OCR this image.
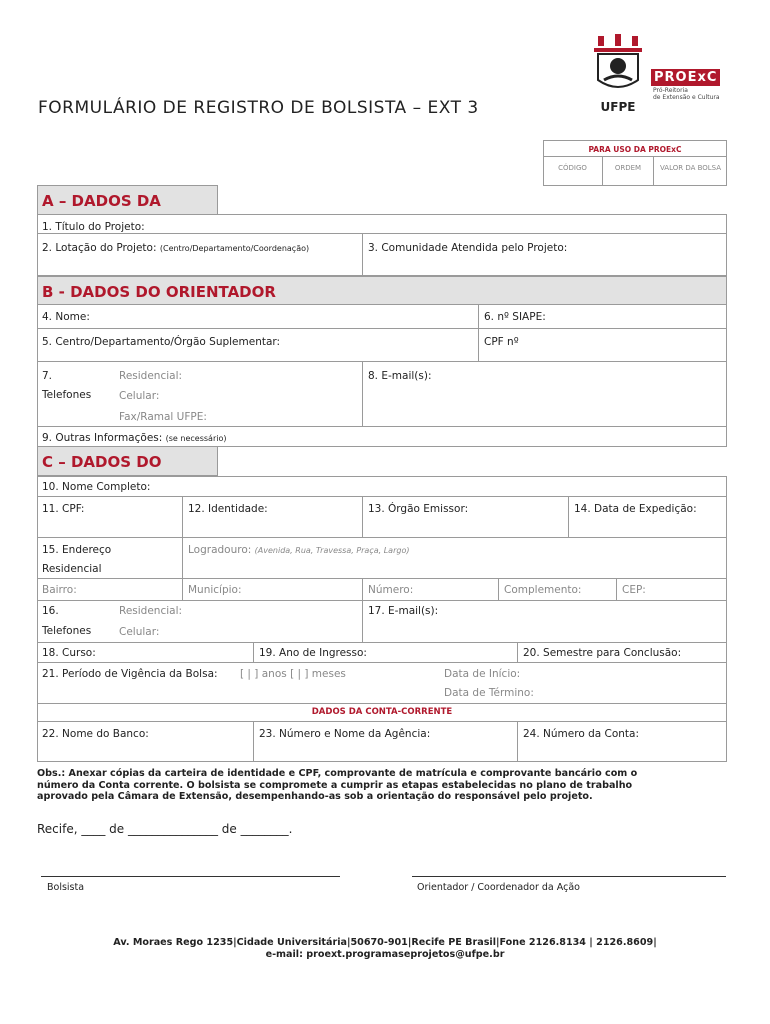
FORMULÁRIO DE REGISTRO DE BOLSISTA – EXT 3	UFPE
PROExC
Pró-Reitoria
de Extensão e Cultura
PARA USO DA PROExC
CÓDIGO	ORDEM	VALOR DA BOLSA
A – DADOS DA
1. Título do Projeto:
2. Lotação do Projeto: (Centro/Departamento/Coordenação)	3. Comunidade Atendida pelo Projeto:
B - DADOS DO ORIENTADOR
4. Nome:	6. nº SIAPE:
5. Centro/Departamento/Órgão Suplementar:	CPF nº
7.
Telefones
Residencial:
Celular:
Fax/Ramal UFPE:
8. E-mail(s):
9. Outras Informações: (se necessário)
C – DADOS DO
10. Nome Completo:
11. CPF:	12. Identidade:	13. Órgão Emissor:	14. Data de Expedição:
15. Endereço
Residencial
Logradouro: (Avenida, Rua, Travessa, Praça, Largo)
Bairro:	Município:	Número:	Complemento:	CEP:
16.
Telefones
Residencial:
Celular:
17. E-mail(s):
18. Curso:	19. Ano de Ingresso:	20. Semestre para Conclusão:
21. Período de Vigência da Bolsa: [ | ] anos [ | ] meses	Data de Início:
Data de Término:
DADOS DA CONTA-CORRENTE
22. Nome do Banco:	23. Número e Nome da Agência:	24. Número da Conta:
Obs.: Anexar cópias da carteira de identidade e CPF, comprovante de matrícula e comprovante bancário com o
número da Conta corrente. O bolsista se compromete a cumprir as etapas estabelecidas no plano de trabalho
aprovado pela Câmara de Extensão, desempenhando-as sob a orientação do responsável pelo projeto.
Recife, ____ de _______________ de ________.
Bolsista	Orientador / Coordenador da Ação
Av. Moraes Rego 1235|Cidade Universitária|50670-901|Recife PE Brasil|Fone 2126.8134 | 2126.8609|
e-mail: proext.programaseprojetos@ufpe.br
